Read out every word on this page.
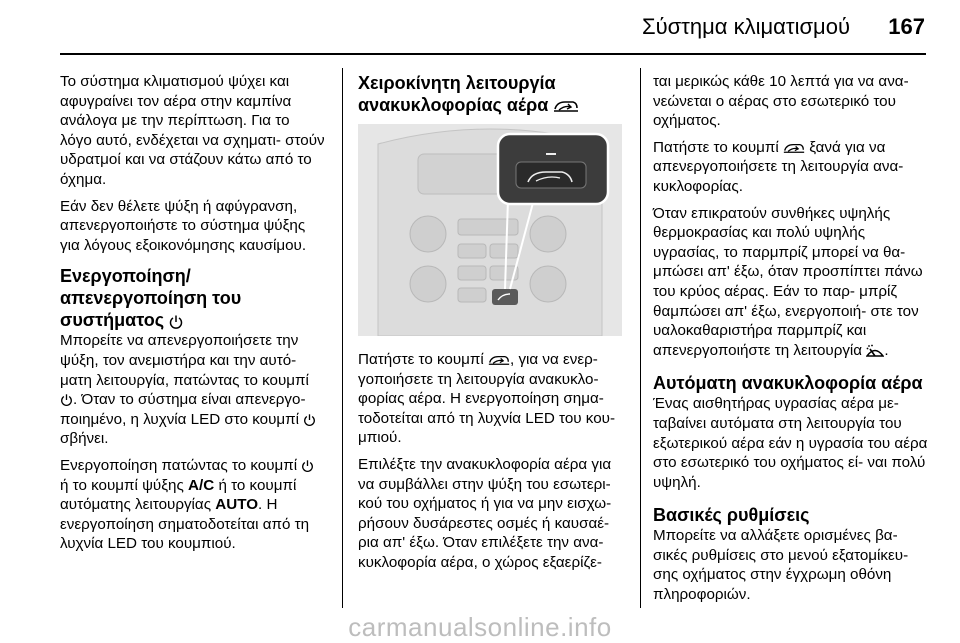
Σύστημα κλιματισμού	167

Το σύστημα κλιματισμού ψύχει και αφυγραίνει τον αέρα στην καμπίνα ανάλογα με την περίπτωση. Για το λόγο αυτό, ενδέχεται να σχηματι- στούν υδρατμοί και να στάζουν κάτω από το όχημα.

Εάν δεν θέλετε ψύξη ή αφύγρανση, απενεργοποιήστε το σύστημα ψύξης για λόγους εξοικονόμησης καυσίμου.

Ενεργοποίηση/ απενεργοποίηση του συστήματος

Μπορείτε να απενεργοποιήσετε την ψύξη, τον ανεμιστήρα και την αυτό- ματη λειτουργία, πατώντας το κουμπί . Όταν το σύστημα είναι απενεργο- ποιημένο, η λυχνία LED στο κουμπί  σβήνει.

Ενεργοποίηση πατώντας το κουμπί  ή το κουμπί ψύξης A/C ή το κουμπί αυτόματης λειτουργίας AUTO. Η ενεργοποίηση σηματοδοτείται από τη λυχνία LED του κουμπιού.

Χειροκίνητη λειτουργία ανακυκλοφορίας αέρα

Πατήστε το κουμπί , για να ενερ- γοποιήσετε τη λειτουργία ανακυκλο- φορίας αέρα. Η ενεργοποίηση σημα- τοδοτείται από τη λυχνία LED του κου- μπιού.

Επιλέξτε την ανακυκλοφορία αέρα για να συμβάλλει στην ψύξη του εσωτερι- κού του οχήματος ή για να μην εισχω- ρήσουν δυσάρεστες οσμές ή καυσαέ- ρια απ' έξω. Όταν επιλέξετε την ανα- κυκλοφορία αέρα, ο χώρος εξαερίζε-

ται μερικώς κάθε 10 λεπτά για να ανα- νεώνεται ο αέρας στο εσωτερικό του οχήματος.

Πατήστε το κουμπί ξανά για να απενεργοποιήσετε τη λειτουργία ανα- κυκλοφορίας.

Όταν επικρατούν συνθήκες υψηλής θερμοκρασίας και πολύ υψηλής υγρασίας, το παρμπρίζ μπορεί να θα- μπώσει απ' έξω, όταν προσπίπτει πάνω του κρύος αέρας. Εάν το παρ- μπρίζ θαμπώσει απ' έξω, ενεργοποιή- στε τον υαλοκαθαριστήρα παρμπρίζ και απενεργοποιήστε τη λειτουργία .

Αυτόματη ανακυκλοφορία αέρα

Ένας αισθητήρας υγρασίας αέρα με- ταβαίνει αυτόματα στη λειτουργία του εξωτερικού αέρα εάν η υγρασία του αέρα στο εσωτερικό του οχήματος εί- ναι πολύ υψηλή.

Βασικές ρυθμίσεις

Μπορείτε να αλλάξετε ορισμένες βα- σικές ρυθμίσεις στο μενού εξατομίκευ- σης οχήματος στην έγχρωμη οθόνη πληροφοριών.

carmanualsonline.info
